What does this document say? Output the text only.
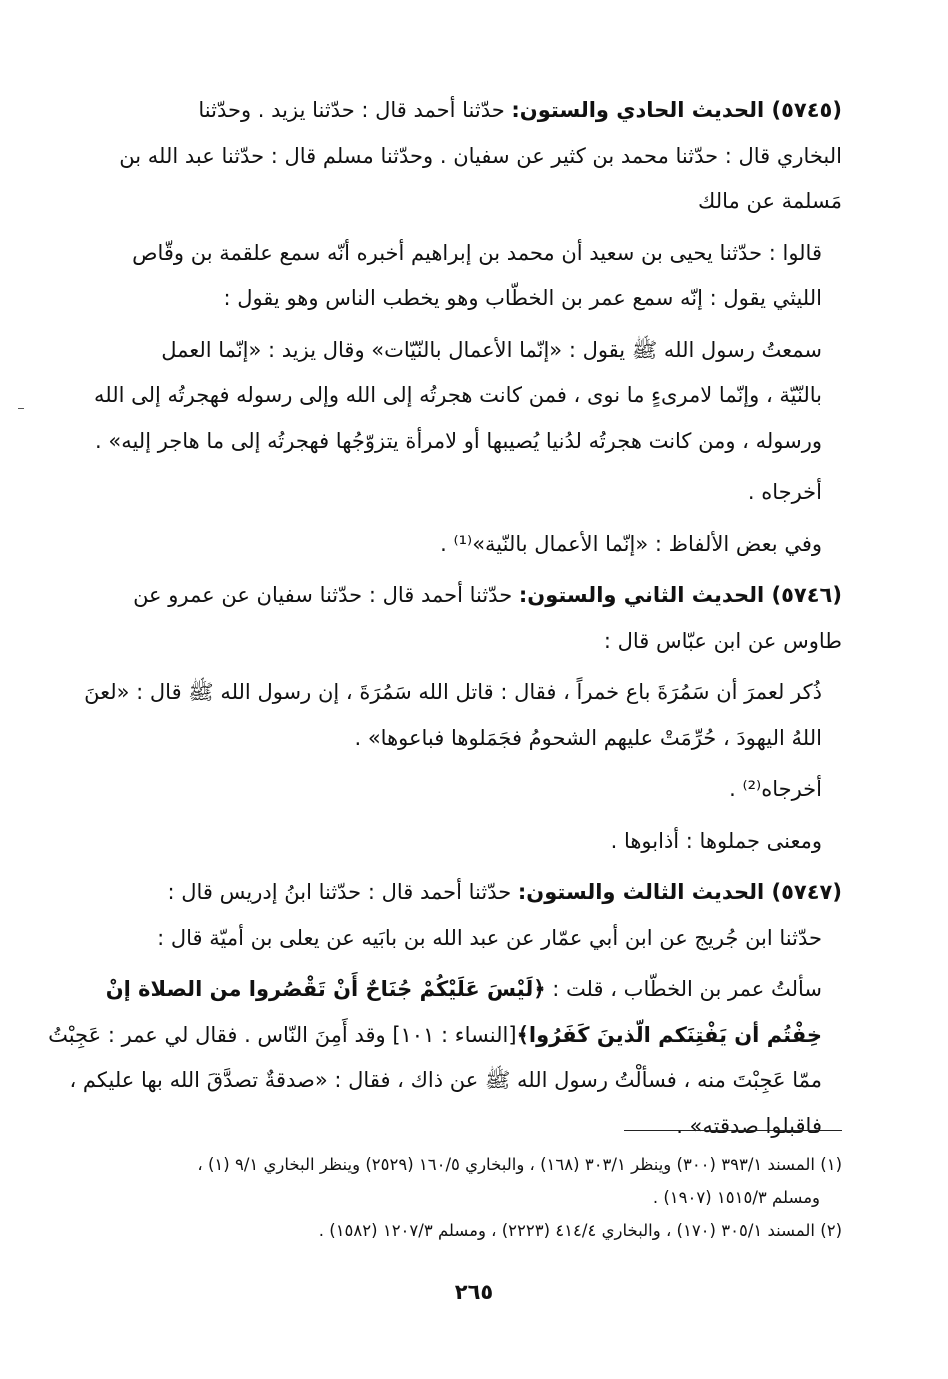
(٥٧٤٥) الحديث الحادي والستون: حدّثنا أحمد قال : حدّثنا يزيد . وحدّثنا
البخاري قال : حدّثنا محمد بن كثير عن سفيان . وحدّثنا مسلم قال : حدّثنا عبد الله بن
مَسلمة عن مالك
قالوا : حدّثنا يحيى بن سعيد أن محمد بن إبراهيم أخبره أنّه سمع علقمة بن وقّاص
الليثي يقول : إنّه سمع عمر بن الخطّاب وهو يخطب الناس وهو يقول :
سمعتُ رسول الله ﷺ يقول : «إنّما الأعمال بالنّيّات» وقال يزيد : «إنّما العمل
بالنّيّة ، وإنّما لامرىءٍ ما نوى ، فمن كانت هجرتُه إلى الله وإلى رسوله فهجرتُه إلى الله
ورسوله ، ومن كانت هجرتُه لدُنيا يُصيبها أو لامرأة يتزوّجُها فهجرتُه إلى ما هاجر إليه» .
أخرجاه .
وفي بعض الألفاظ : «إنّما الأعمال بالنّية»⁽¹⁾ .
(٥٧٤٦) الحديث الثاني والستون: حدّثنا أحمد قال : حدّثنا سفيان عن عمرو عن
طاوس عن ابن عبّاس قال :
ذُكر لعمرَ أن سَمُرَةَ باع خمراً ، فقال : قاتل الله سَمُرَةَ ، إن رسول الله ﷺ قال : «لعنَ
اللهُ اليهودَ ، حُرِّمَتْ عليهم الشحومُ فجَمَلوها فباعوها» .
أخرجاه⁽²⁾ .
ومعنى جملوها : أذابوها .
(٥٧٤٧) الحديث الثالث والستون: حدّثنا أحمد قال : حدّثنا ابنُ إدريس قال :
حدّثنا ابن جُريج عن ابن أبي عمّار عن عبد الله بن بابَيه عن يعلى بن أميّة قال :
سألتُ عمر بن الخطّاب ، قلت : ﴿لَيْسَ عَلَيْكُمْ جُنَاحٌ أَنْ تَقْصُروا من الصلاة إنْ
خِفْتُم أن يَفْتِنَكم الّذينَ كَفَرُوا﴾[النساء : ١٠١] وقد أَمِنَ النّاس . فقال لي عمر : عَجِبْتُ
ممّا عَجِبْتَ منه ، فسألْتُ رسول الله ﷺ عن ذاك ، فقال : «صدقةٌ تصدَّقَ الله بها عليكم ،
فاقبلوا صدقته» .
(١) المسند ٣٩٣/١ (٣٠٠) وينظر ٣٠٣/١ (١٦٨) ، والبخاري ١٦٠/٥ (٢٥٢٩) وينظر البخاري ٩/١ (١) ،
ومسلم ١٥١٥/٣ (١٩٠٧) .
(٢) المسند ٣٠٥/١ (١٧٠) ، والبخاري ٤١٤/٤ (٢٢٢٣) ، ومسلم ١٢٠٧/٣ (١٥٨٢) .
٢٦٥
